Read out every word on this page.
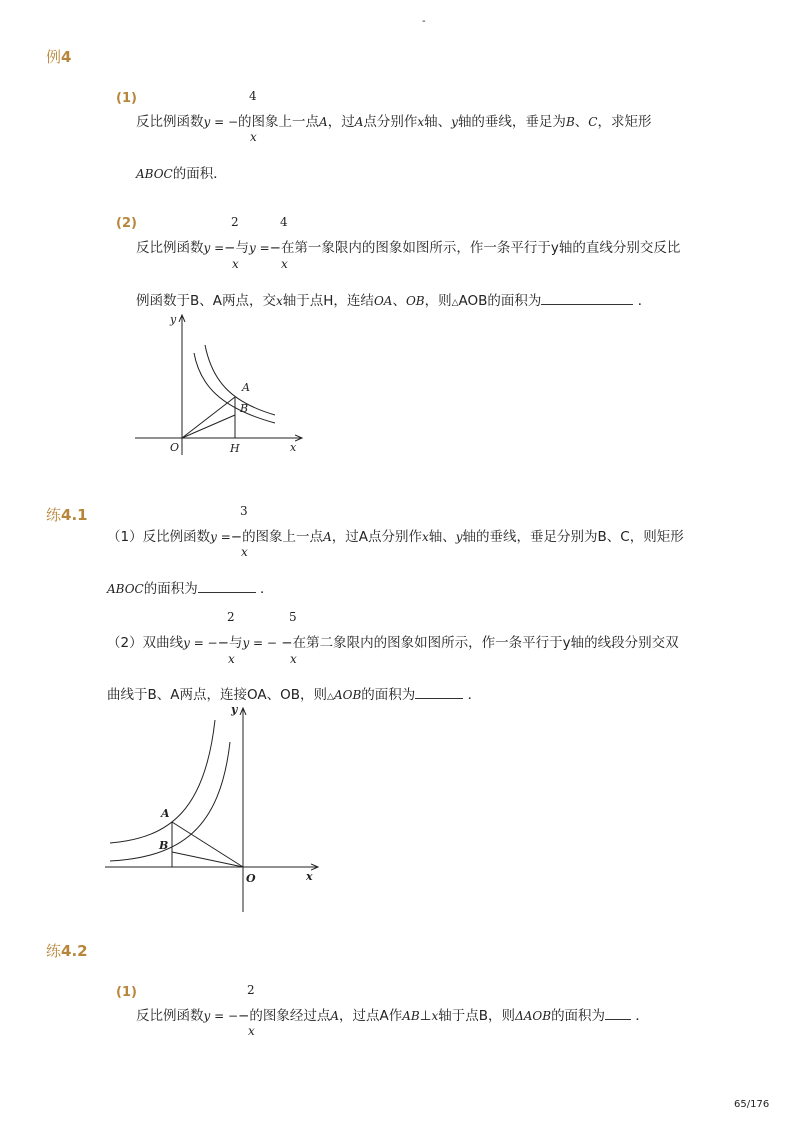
-
例4
(1)	4
x
反比例函数y = −的图象上一点A，过A点分别作x轴、y轴的垂线，垂足为B、C，求矩形
ABOC的面积．
(2)	2
x
4
x
反比例函数y =−与y =−在第一象限内的图象如图所示，作一条平行于y轴的直线分别交反比
例函数于B、A两点，交x轴于点H，连结OA、OB，则△AOB的面积为	．
y
x
O	H
A
B
练4.1	3
x
（1）反比例函数y =−的图象上一点A，过A点分别作x轴、y轴的垂线，垂足分别为B、C，则矩形
ABOC的面积为	．
2
x
5
x
（2）双曲线y = −−与y = − −在第二象限内的图象如图所示，作一条平行于y轴的线段分别交双
曲线于B、A两点，连接OA、OB，则△AOB的面积为	．
y
x
O
A
B
练4.2
(1)	2
x
反比例函数y = −−的图象经过点A，过点A作AB⊥x轴于点B，则ΔAOB的面积为 ．
65/176
